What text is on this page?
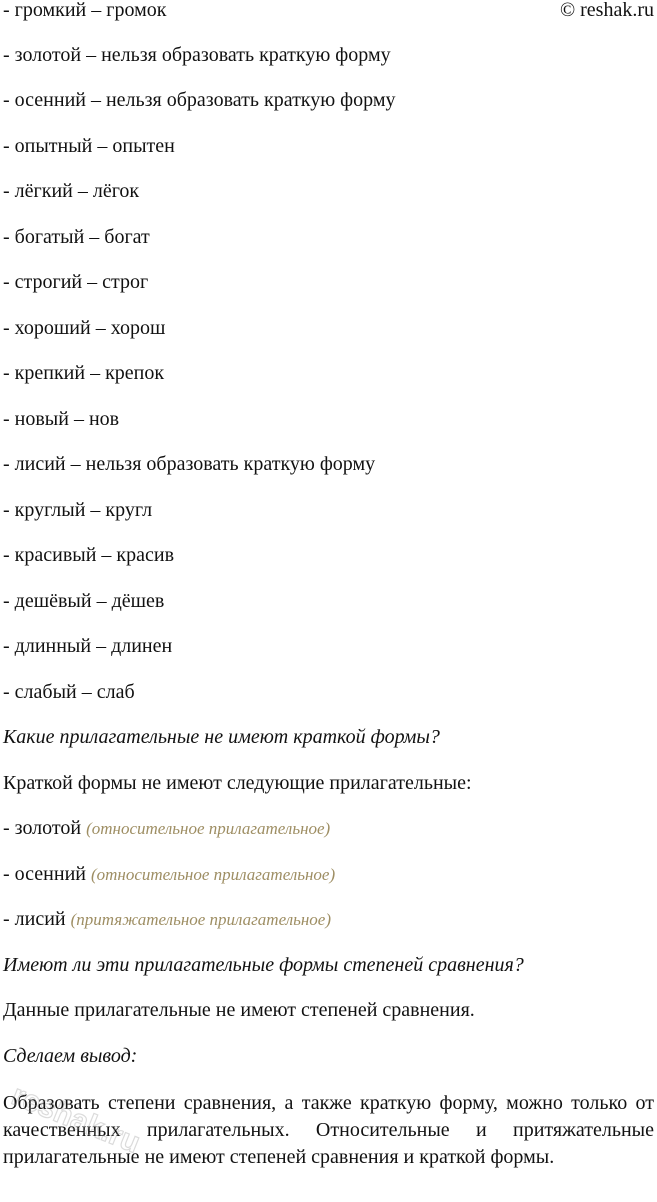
© reshak.ru
- громкий – громок
- золотой – нельзя образовать краткую форму
- осенний – нельзя образовать краткую форму
- опытный – опытен
- лёгкий – лёгок
- богатый – богат
- строгий – строг
- хороший – хорош
- крепкий – крепок
- новый – нов
- лисий – нельзя образовать краткую форму
- круглый – кругл
- красивый – красив
- дешёвый – дёшев
- длинный – длинен
- слабый – слаб
Какие прилагательные не имеют краткой формы?
Краткой формы не имеют следующие прилагательные:
- золотой (относительное прилагательное)
- осенний (относительное прилагательное)
- лисий (притяжательное прилагательное)
Имеют ли эти прилагательные формы степеней сравнения?
Данные прилагательные не имеют степеней сравнения.
Сделаем вывод:
Образовать степени сравнения, а также краткую форму, можно только от качественных прилагательных. Относительные и притяжательные прилагательные не имеют степеней сравнения и краткой формы.
reshak.ru
